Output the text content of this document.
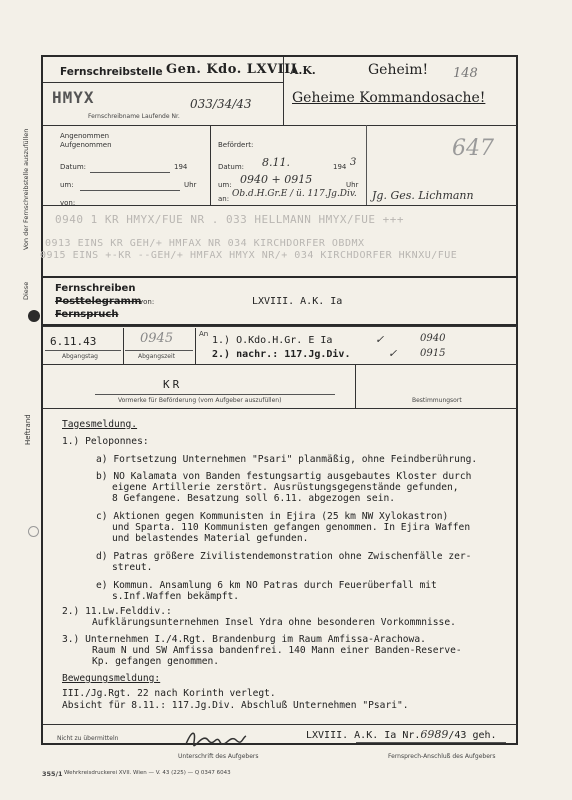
Von der Fernschreibstelle auszufüllen
Diese
Heftrand
Fernschreibstelle Gen. Kdo. LXVIII
A.K.	Geheim! 148
HMYX	033/34/43
Fernschreibname Laufende Nr.
Geheime Kommandosache!
Angenommen
Aufgenommen
Datum:	194
um:	Uhr
von:
Befördert:
Datum: 8.11.	194 3
um: 0940 + 0915	Uhr
an: Ob.d.H.Gr.E / ü. 117.Jg.Div. Jg. Ges. Lichmann
647
0940 1 KR HMYX/FUE NR . 033 HELLMANN HMYX/FUE +++
0913 EINS KR GEH/+ HMFAX NR 034 KIRCHDORFER OBDMX
0915 EINS +-KR --GEH/+ HMFAX HMYX NR/+ 034 KIRCHDORFER HKNXU/FUE
Fernschreiben
Posttelegramm
Fernspruch
von:	LXVIII. A.K. Ia
6.11.43
Abgangstag
0945
Abgangszeit
An
1.) O.Kdo.H.Gr. E Ia	✓	0940
2.) nachr.: 117.Jg.Div.	✓ 0915
KR
Vormerke für Beförderung (vom Aufgeber auszufüllen)	Bestimmungsort
Tagesmeldung.
1.) Peloponnes:
a) Fortsetzung Unternehmen "Psari" planmäßig, ohne Feindberührung.
b) NO Kalamata von Banden festungsartig ausgebautes Kloster durch
eigene Artillerie zerstört. Ausrüstungsgegenstände gefunden,
8 Gefangene. Besatzung soll 6.11. abgezogen sein.
c) Aktionen gegen Kommunisten in Ejira (25 km NW Xylokastron)
und Sparta. 110 Kommunisten gefangen genommen. In Ejira Waffen
und belastendes Material gefunden.
d) Patras größere Zivilistendemonstration ohne Zwischenfälle zer-
streut.
e) Kommun. Ansamlung 6 km NO Patras durch Feuerüberfall mit
s.Inf.Waffen bekämpft.
2.) 11.Lw.Felddiv.:
Aufklärungsunternehmen Insel Ydra ohne besonderen Vorkommnisse.
3.) Unternehmen I./4.Rgt. Brandenburg im Raum Amfissa-Arachowa.
Raum N und SW Amfissa bandenfrei. 140 Mann einer Banden-Reserve-
Kp. gefangen genommen.
Bewegungsmeldung:
III./Jg.Rgt. 22 nach Korinth verlegt.
Absicht für 8.11.: 117.Jg.Div. Abschluß Unternehmen "Psari".
Nicht zu übermitteln
Unterschrift des Aufgebers
LXVIII. A.K. Ia Nr.6989/43 geh.
Fernsprech-Anschluß des Aufgebers
355/1 Wehrkreisdruckerei XVII. Wien — V. 43 (225) — Q 0347 6043
